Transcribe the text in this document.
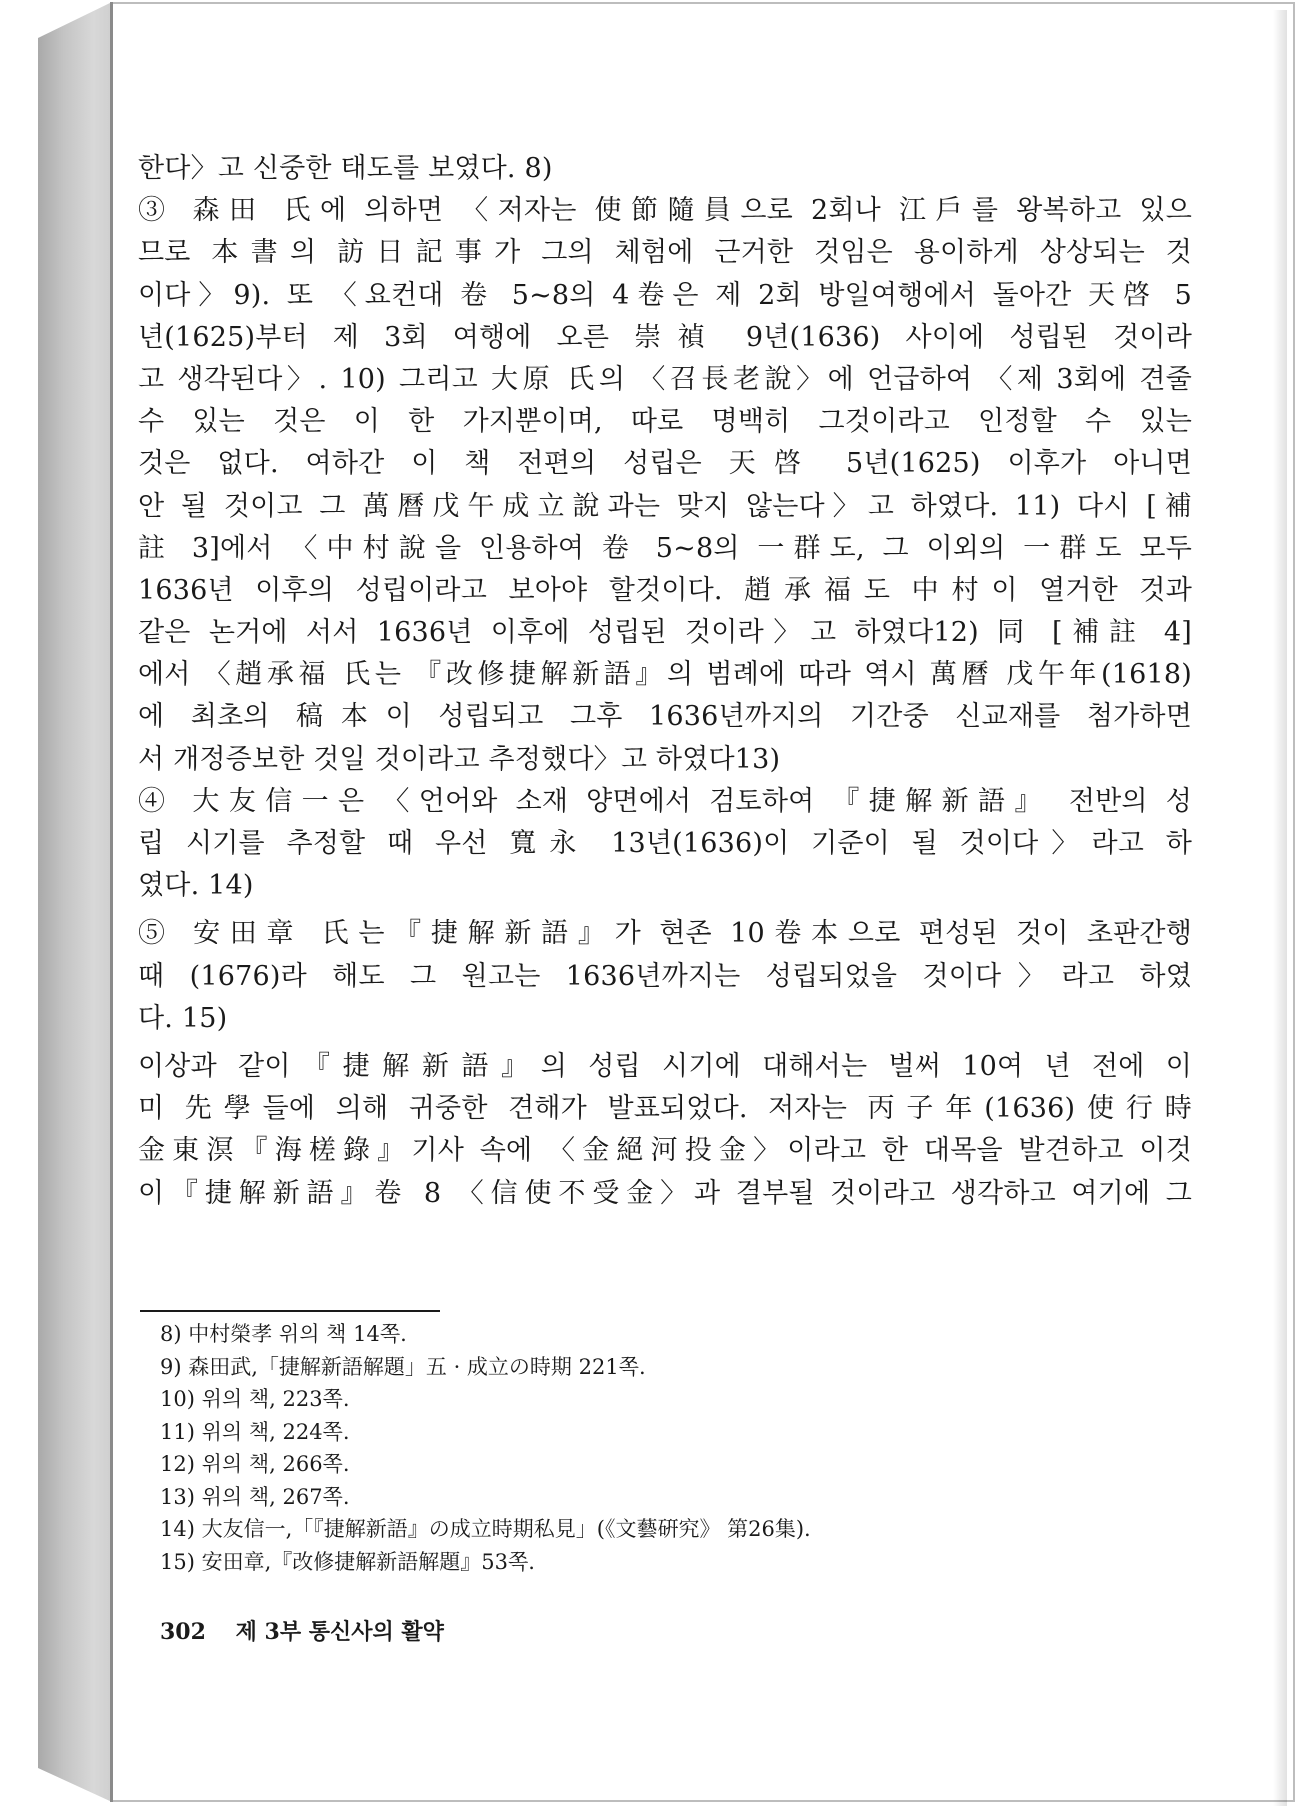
한다〉고 신중한 태도를 보였다. 8)
③ 森田 氏에 의하면 〈저자는 使節隨員으로 2회나 江戶를 왕복하고 있으
므로 本書의 訪日記事가 그의 체험에 근거한 것임은 용이하게 상상되는 것
이다〉9). 또 〈요컨대 卷 5~8의 4卷은 제 2회 방일여행에서 돌아간 天啓 5
년(1625)부터 제 3회 여행에 오른 崇禎 9년(1636) 사이에 성립된 것이라
고 생각된다〉. 10) 그리고 大原 氏의 〈召長老說〉에 언급하여 〈제 3회에 견줄
수 있는 것은 이 한 가지뿐이며, 따로 명백히 그것이라고 인정할 수 있는
것은 없다. 여하간 이 책 전편의 성립은 天啓 5년(1625) 이후가 아니면
안 될 것이고 그 萬曆戊午成立說과는 맞지 않는다〉고 하였다. 11) 다시 [補
註 3]에서 〈中村說을 인용하여 卷 5~8의 一群도, 그 이외의 一群도 모두
1636년 이후의 성립이라고 보아야 할것이다. 趙承福도 中村이 열거한 것과
같은 논거에 서서 1636년 이후에 성립된 것이라〉고 하였다12) 同 [補註 4]
에서 〈趙承福 氏는 『改修捷解新語』의 범례에 따라 역시 萬曆 戊午年(1618)
에 최초의 稿本이 성립되고 그후 1636년까지의 기간중 신교재를 첨가하면
서 개정증보한 것일 것이라고 추정했다〉고 하였다13)
④ 大友信一은 〈언어와 소재 양면에서 검토하여 『捷解新語』 전반의 성
립 시기를 추정할 때 우선 寬永 13년(1636)이 기준이 될 것이다〉라고 하
였다. 14)
⑤ 安田章 氏는『捷解新語』가 현존 10卷本으로 편성된 것이 초판간행
때 (1676)라 해도 그 원고는 1636년까지는 성립되었을 것이다〉라고 하였
다. 15)
이상과 같이『捷解新語』의 성립 시기에 대해서는 벌써 10여 년 전에 이
미 先學들에 의해 귀중한 견해가 발표되었다. 저자는 丙子年(1636)使行時
金東溟『海槎錄』기사 속에 〈金絕河投金〉이라고 한 대목을 발견하고 이것
이『捷解新語』卷 8 〈信使不受金〉과 결부될 것이라고 생각하고 여기에 그
8) 中村榮孝 위의 책 14쪽.
9) 森田武,「捷解新語解題」五 · 成立の時期 221쪽.
10) 위의 책, 223쪽.
11) 위의 책, 224쪽.
12) 위의 책, 266쪽.
13) 위의 책, 267쪽.
14) 大友信一,「『捷解新語』の成立時期私見」(《文藝硏究》 第26集).
15) 安田章,『改修捷解新語解題』53쪽.
302 제 3부 통신사의 활약
